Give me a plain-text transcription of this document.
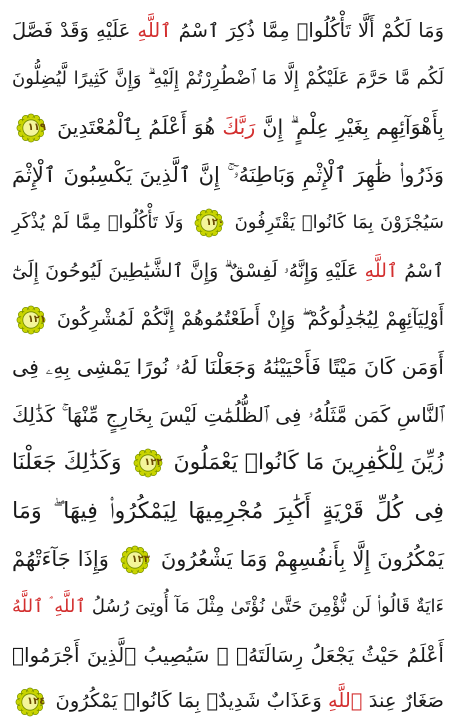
وَمَا لَكُمْ أَلَّا تَأْكُلُوا۟ مِمَّا ذُكِرَ ٱسْمُ ٱللَّهِ عَلَيْهِ وَقَدْ فَصَّلَ
لَكُم مَّا حَرَّمَ عَلَيْكُمْ إِلَّا مَا ٱضْطُرِرْتُمْ إِلَيْهِ ۗ وَإِنَّ كَثِيرًا لَّيُضِلُّونَ
بِأَهْوَآئِهِم بِغَيْرِ عِلْمٍ ۗ إِنَّ رَبَّكَ هُوَ أَعْلَمُ بِٱلْمُعْتَدِينَ
١١٩
وَذَرُوا۟ ظَٰهِرَ ٱلْإِثْمِ وَبَاطِنَهُۥٓ ۚ إِنَّ ٱلَّذِينَ يَكْسِبُونَ ٱلْإِثْمَ
سَيُجْزَوْنَ بِمَا كَانُوا۟ يَقْتَرِفُونَ
١٢٠
وَلَا تَأْكُلُوا۟ مِمَّا لَمْ يُذْكَرِ
ٱسْمُ ٱللَّهِ عَلَيْهِ وَإِنَّهُۥ لَفِسْقٌ ۗ وَإِنَّ ٱلشَّيَٰطِينَ لَيُوحُونَ إِلَىٰٓ
أَوْلِيَآئِهِمْ لِيُجَٰدِلُوكُمْ ۖ وَإِنْ أَطَعْتُمُوهُمْ إِنَّكُمْ لَمُشْرِكُونَ
١٢١
أَوَمَن كَانَ مَيْتًا فَأَحْيَيْنَٰهُ وَجَعَلْنَا لَهُۥ نُورًا يَمْشِى بِهِۦ فِى
ٱلنَّاسِ كَمَن مَّثَلُهُۥ فِى ٱلظُّلُمَٰتِ لَيْسَ بِخَارِجٍ مِّنْهَا ۚ كَذَٰلِكَ
زُيِّنَ لِلْكَٰفِرِينَ مَا كَانُوا۟ يَعْمَلُونَ
١٢٢
وَكَذَٰلِكَ جَعَلْنَا
فِى كُلِّ قَرْيَةٍ أَكَٰبِرَ مُجْرِمِيهَا لِيَمْكُرُوا۟ فِيهَا ۖ وَمَا
يَمْكُرُونَ إِلَّا بِأَنفُسِهِمْ وَمَا يَشْعُرُونَ
١٢٣
وَإِذَا جَآءَتْهُمْ
ءَايَةٌ قَالُوا۟ لَن نُّؤْمِنَ حَتَّىٰ نُؤْتَىٰ مِثْلَ مَآ أُوتِىَ رُسُلُ ٱللَّهِ ۘ ٱللَّهُ
أَعْلَمُ حَيْثُ يَجْعَلُ رِسَالَتَهُۥ ۗ سَيُصِيبُ ٱلَّذِينَ أَجْرَمُوا۟
صَغَارٌ عِندَ ٱللَّهِ وَعَذَابٌ شَدِيدٌۢ بِمَا كَانُوا۟ يَمْكُرُونَ
١٢٤
